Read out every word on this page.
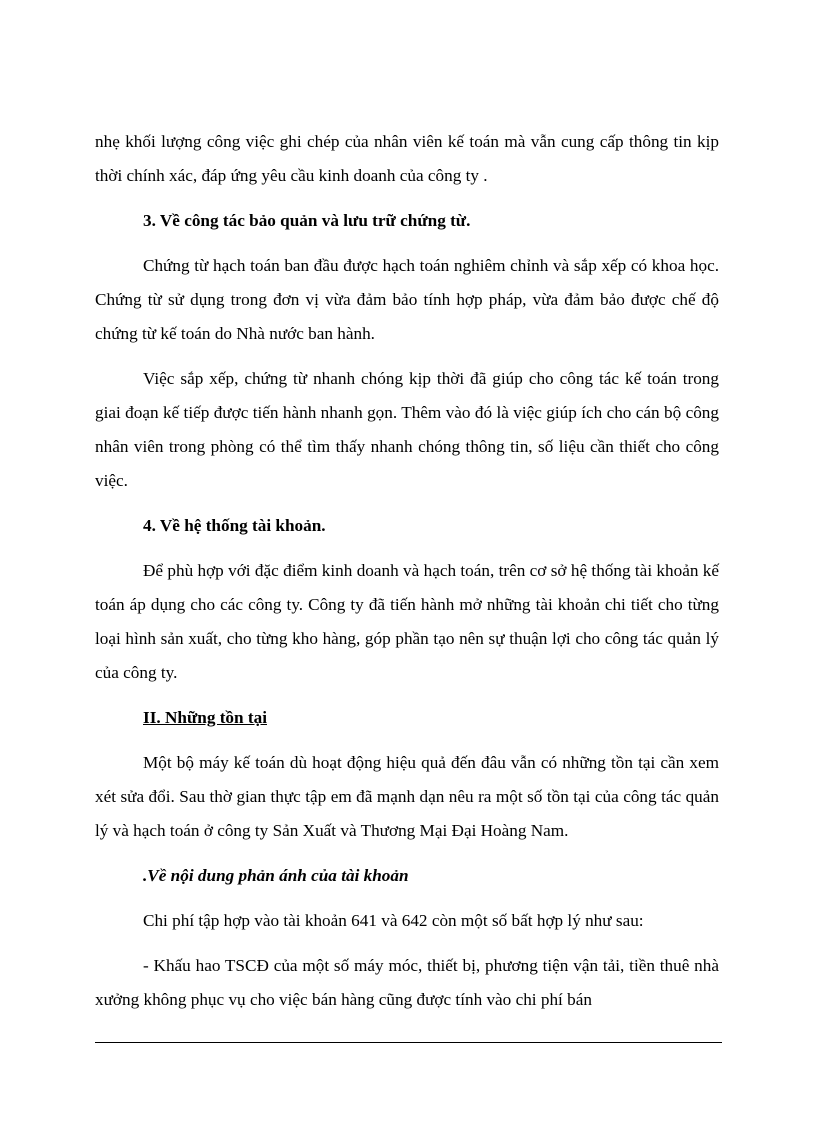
nhẹ khối lượng công việc ghi chép của nhân viên kế toán mà vẫn cung cấp thông tin kịp thời chính xác, đáp ứng yêu cầu kinh doanh của công ty .

3. Về công tác bảo quản và lưu trữ chứng từ.

Chứng từ hạch toán ban đầu được hạch toán nghiêm chỉnh và sắp xếp có khoa học. Chứng từ sử dụng trong đơn vị vừa đảm bảo tính hợp pháp, vừa đảm bảo được chế độ chứng từ kế toán do Nhà nước ban hành.

Việc sắp xếp, chứng từ nhanh chóng kịp thời đã giúp cho công tác kế toán trong giai đoạn kế tiếp được tiến hành nhanh gọn. Thêm vào đó là việc giúp ích cho cán bộ công nhân viên trong phòng có thể tìm thấy nhanh chóng thông tin, số liệu cần thiết cho công việc.

4. Về hệ thống tài khoản.

Để phù hợp với đặc điểm kinh doanh và hạch toán, trên cơ sở hệ thống tài khoản kế toán áp dụng cho các công ty. Công ty đã tiến hành mở những tài khoản chi tiết cho từng loại hình sản xuất, cho từng kho hàng, góp phần tạo nên sự thuận lợi cho công tác quản lý của công ty.

II. Những tồn tại

Một bộ máy kế toán dù hoạt động hiệu quả đến đâu vẫn có những tồn tại cần xem xét sửa đổi. Sau thờ gian thực tập em đã mạnh dạn nêu ra một số tồn tại của công tác quản lý và hạch toán ở công ty Sản Xuất và Thương Mại Đại Hoàng Nam.

.Về nội dung phản ánh của tài khoản

Chi phí tập hợp vào tài khoản 641 và 642 còn một số bất hợp lý như sau:

- Khấu hao TSCĐ của một số máy móc, thiết bị, phương tiện vận tải, tiền thuê nhà xưởng không phục vụ cho việc bán hàng cũng được tính vào chi phí bán
